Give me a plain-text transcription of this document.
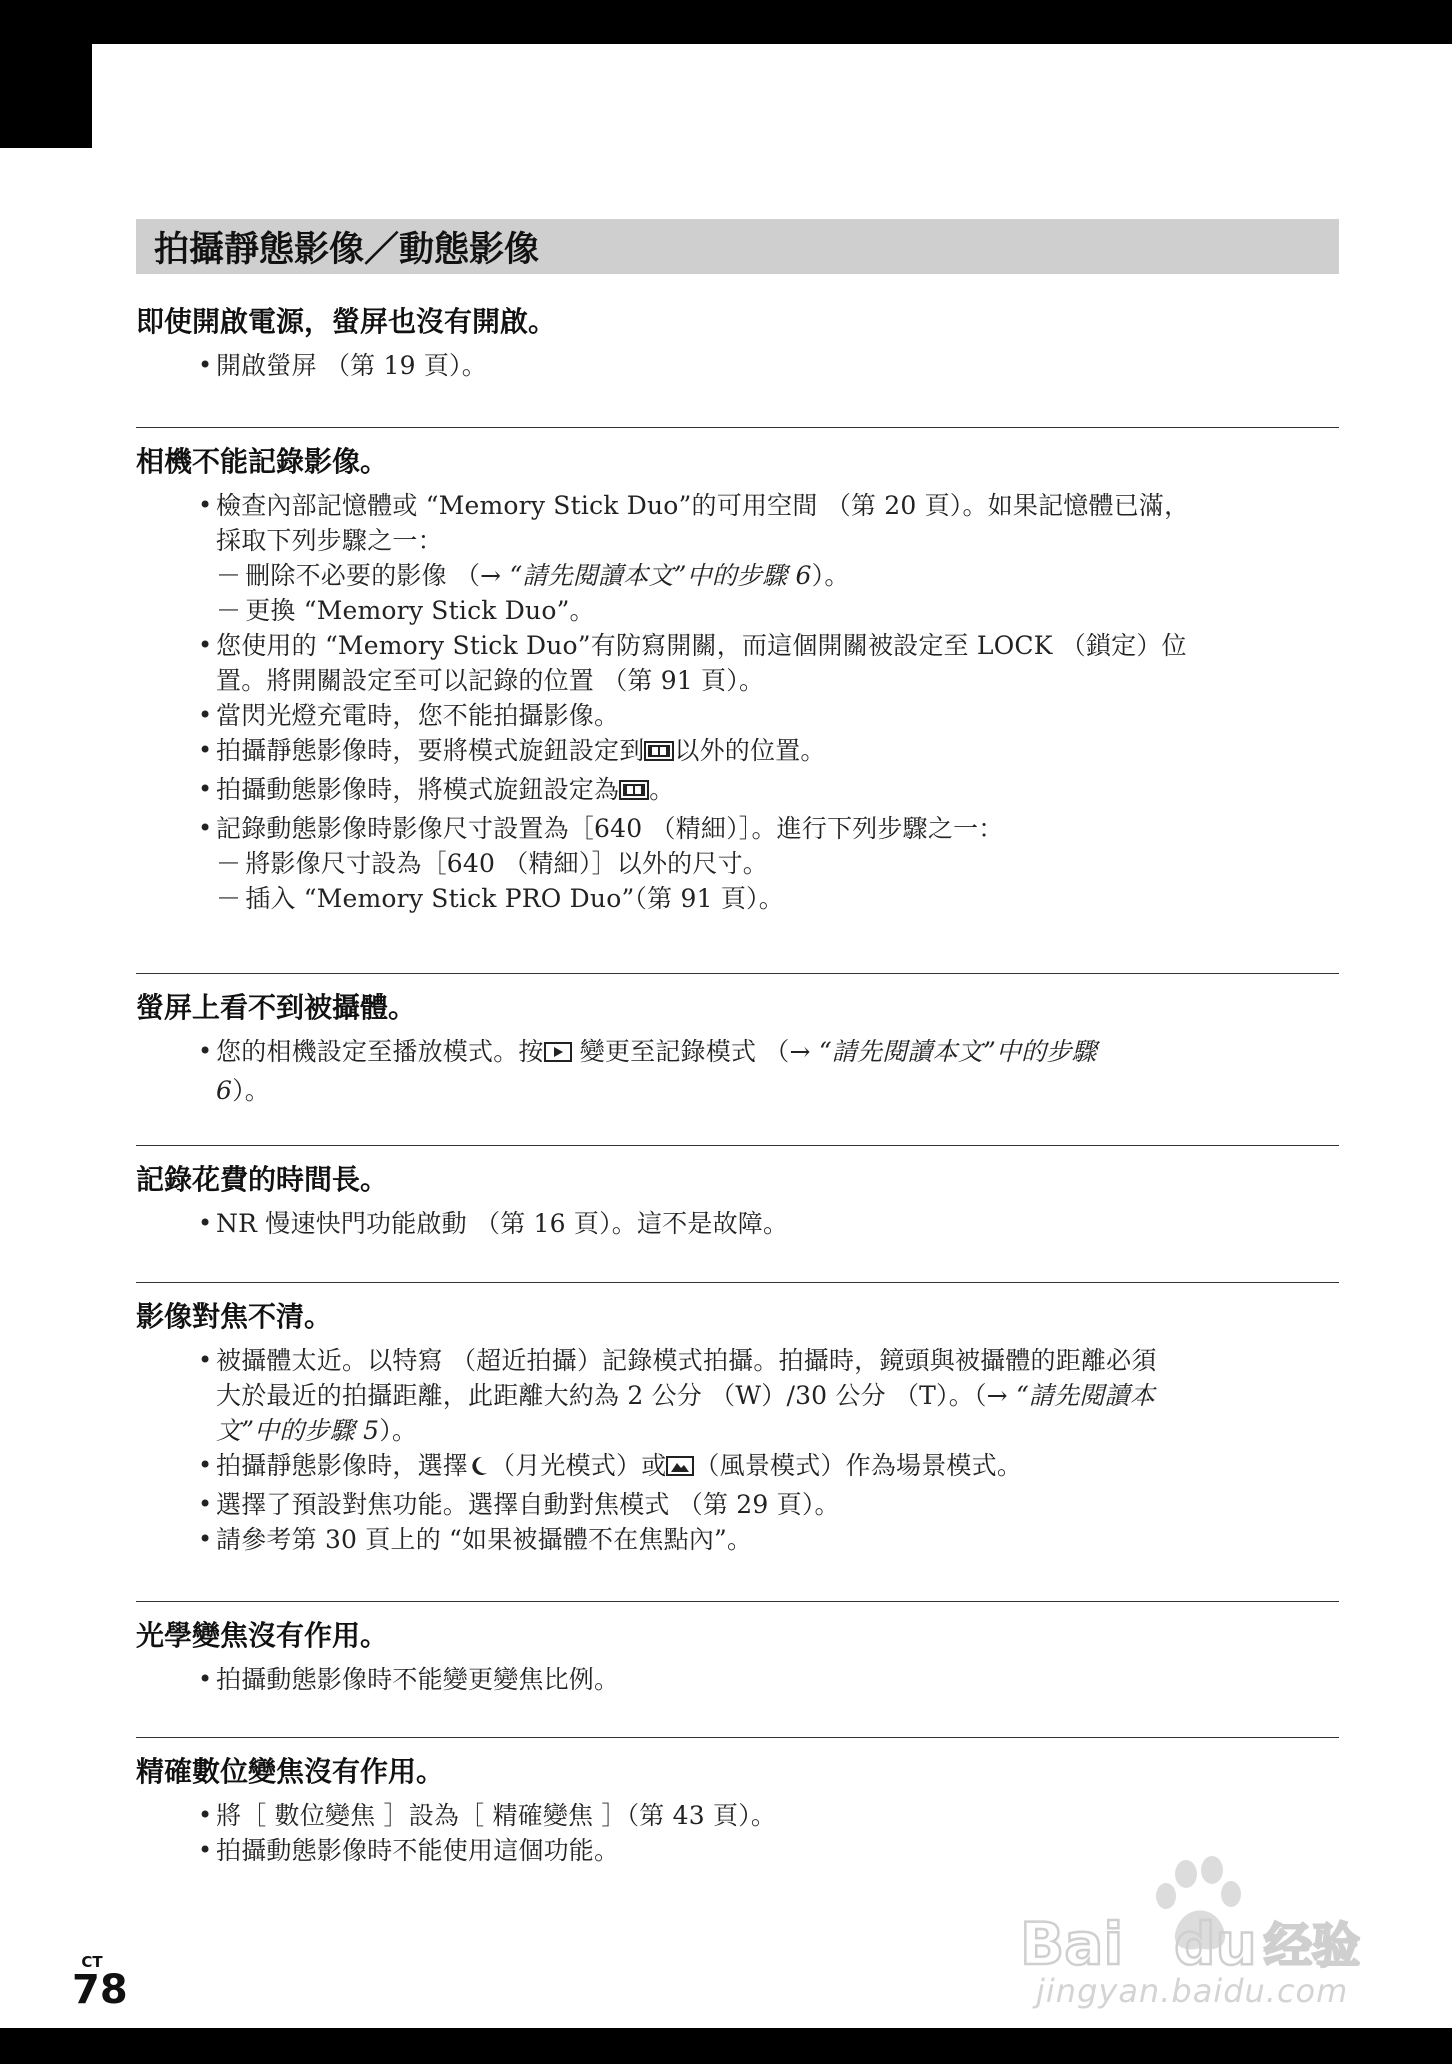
拍攝靜態影像／動態影像
即使開啟電源，螢屏也沒有開啟。
• 開啟螢屏 （第 19 頁）。
相機不能記錄影像。
• 檢查內部記憶體或 “Memory Stick Duo”的可用空間 （第 20 頁）。如果記憶體已滿，
採取下列步驟之一：
－ 刪除不必要的影像 （→ “請先閱讀本文”中的步驟 6）。
－ 更換 “Memory Stick Duo”。
• 您使用的 “Memory Stick Duo”有防寫開關，而這個開關被設定至 LOCK （鎖定）位
置。將開關設定至可以記錄的位置 （第 91 頁）。
• 當閃光燈充電時，您不能拍攝影像。
• 拍攝靜態影像時，要將模式旋鈕設定到 以外的位置。
• 拍攝動態影像時，將模式旋鈕設定為 。
• 記錄動態影像時影像尺寸設置為［640 （精細）］。進行下列步驟之一：
－ 將影像尺寸設為［640 （精細）］以外的尺寸。
－ 插入 “Memory Stick PRO Duo”（第 91 頁）。
螢屏上看不到被攝體。
• 您的相機設定至播放模式。按 變更至記錄模式 （→ “請先閱讀本文”中的步驟
6）。
記錄花費的時間長。
• NR 慢速快門功能啟動 （第 16 頁）。這不是故障。
影像對焦不清。
• 被攝體太近。以特寫 （超近拍攝）記錄模式拍攝。拍攝時，鏡頭與被攝體的距離必須
大於最近的拍攝距離，此距離大約為 2 公分 （W）/30 公分 （T）。（→ “請先閱讀本
文”中的步驟 5）。
• 拍攝靜態影像時，選擇 （月光模式）或 （風景模式）作為場景模式。
• 選擇了預設對焦功能。選擇自動對焦模式 （第 29 頁）。
• 請參考第 30 頁上的 “如果被攝體不在焦點內”。
光學變焦沒有作用。
• 拍攝動態影像時不能變更變焦比例。
精確數位變焦沒有作用。
• 將［ 數位變焦 ］設為［ 精確變焦 ］（第 43 頁）。
• 拍攝動態影像時不能使用這個功能。
CT
78
Bai du 经验
jingyan.baidu.com
